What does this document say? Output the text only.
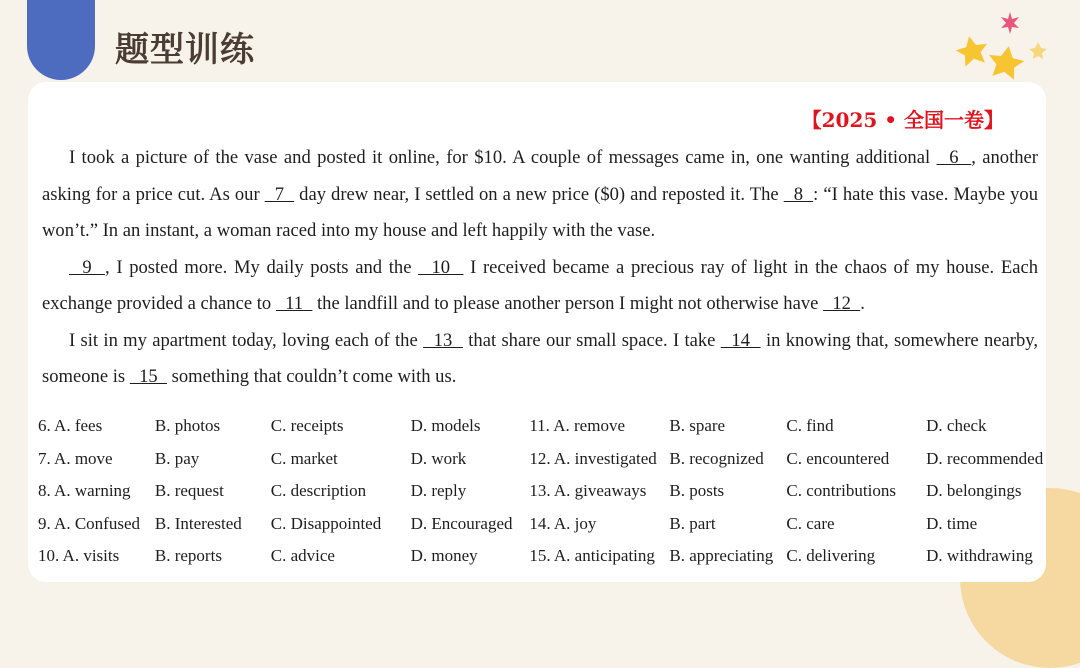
题型训练
【2025 • 全国一卷】

I took a picture of the vase and posted it online, for $10. A couple of messages came in, one wanting additional   6  , another asking for a price cut. As our   7   day drew near, I settled on a new price ($0) and reposted it. The   8  : “I hate this vase. Maybe you won’t.” In an instant, a woman raced into my house and left happily with the vase.

9  , I posted more. My daily posts and the   10   I received became a precious ray of light in the chaos of my house. Each exchange provided a chance to   11   the landfill and to please another person I might not otherwise have   12  .

I sit in my apartment today, loving each of the   13   that share our small space. I take   14   in knowing that, somewhere nearby, someone is   15   something that couldn’t come with us.

6. A. fees	B. photos	C. receipts	D. models	11. A. remove	B. spare	C. find	D. check
7. A. move	B. pay	C. market	D. work	12. A. investigated	B. recognized	C. encountered	D. recommended
8. A. warning	B. request	C. description	D. reply	13. A. giveaways	B. posts	C. contributions	D. belongings
9. A. Confused	B. Interested	C. Disappointed	D. Encouraged	14. A. joy	B. part	C. care	D. time
10. A. visits	B. reports	C. advice	D. money	15. A. anticipating	B. appreciating	C. delivering	D. withdrawing
